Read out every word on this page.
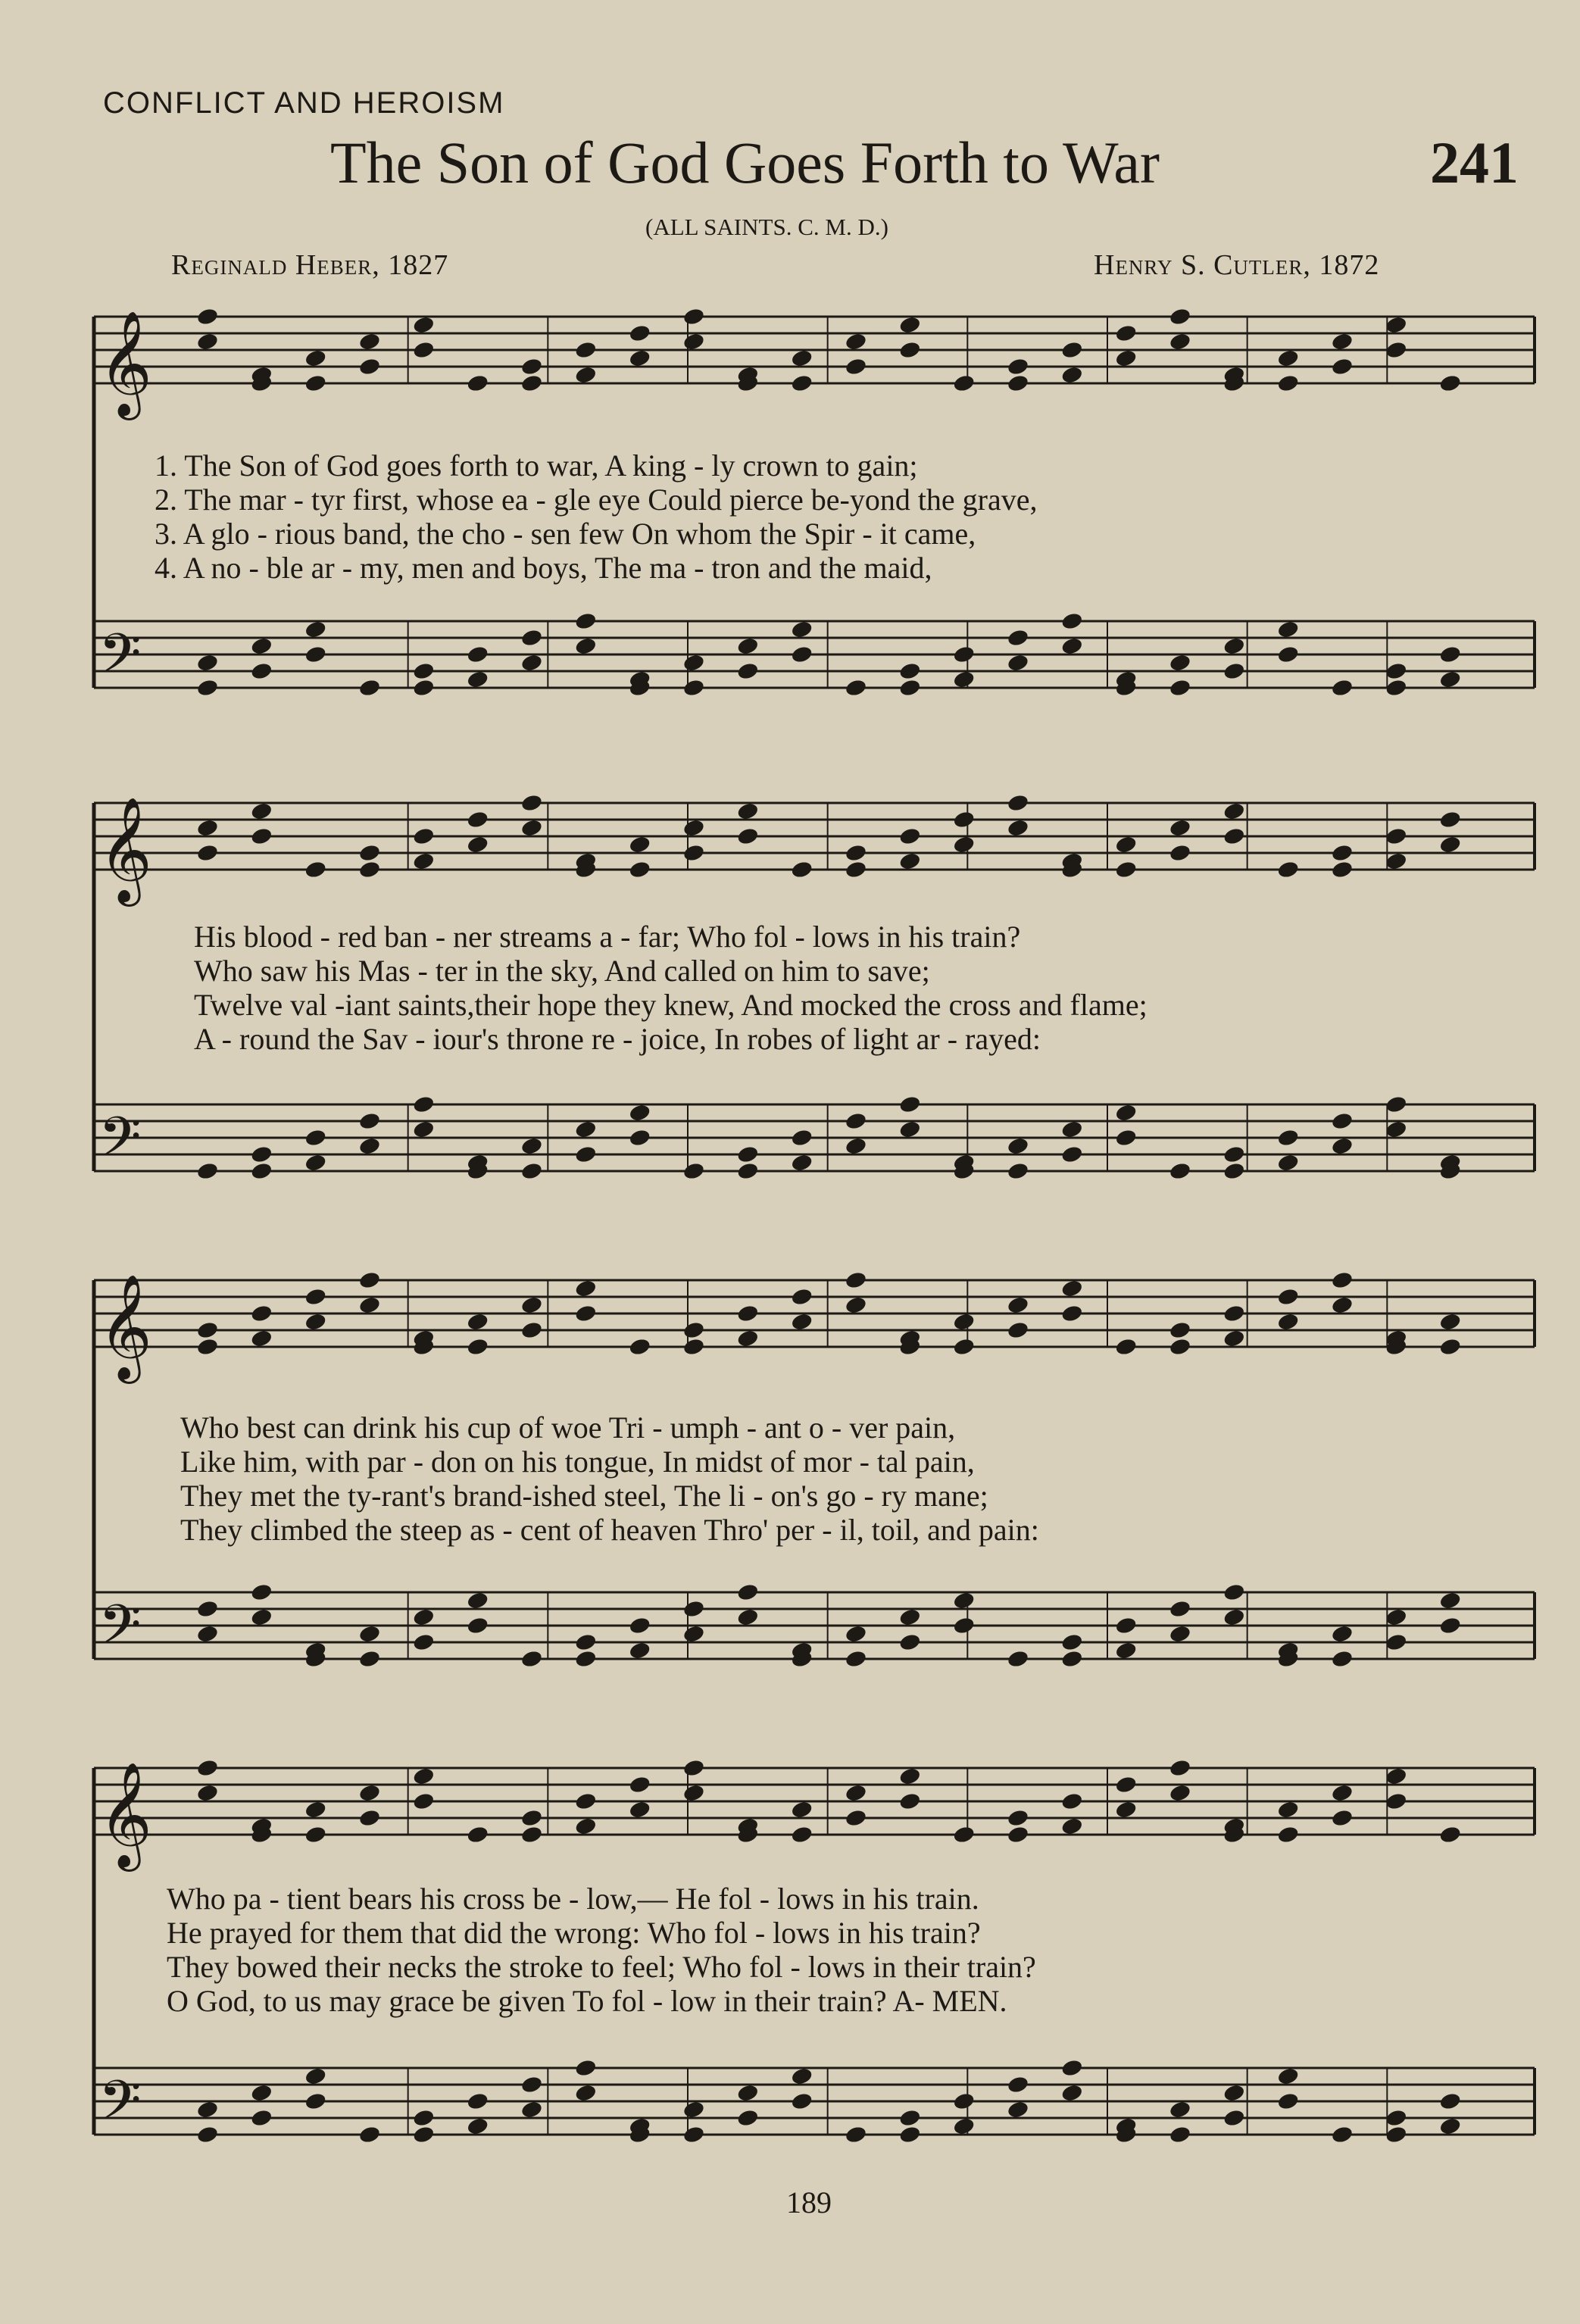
CONFLICT AND HEROISM
The Son of God Goes Forth to War	241
(ALL SAINTS. C. M. D.)
Reginald Heber, 1827	Henry S. Cutler, 1872
𝄞
𝄢
𝄞
𝄢
𝄞
𝄢
𝄞
𝄢
1. The Son of God goes forth to war, A king - ly crown to gain;
2. The mar - tyr first, whose ea - gle eye Could pierce be-yond the grave,
3. A glo - rious band, the cho - sen few On whom the Spir - it came,
4. A no - ble ar - my, men and boys, The ma - tron and the maid,
His blood - red ban - ner streams a - far; Who fol - lows in his train?
Who saw his Mas - ter in the sky, And called on him to save;
Twelve val -iant saints,their hope they knew, And mocked the cross and flame;
A - round the Sav - iour's throne re - joice, In robes of light ar - rayed:
Who best can drink his cup of woe Tri - umph - ant o - ver pain,
Like him, with par - don on his tongue, In midst of mor - tal pain,
They met the ty-rant's brand-ished steel, The li - on's go - ry mane;
They climbed the steep as - cent of heaven Thro' per - il, toil, and pain:
Who pa - tient bears his cross be - low,— He fol - lows in his train.
He prayed for them that did the wrong: Who fol - lows in his train?
They bowed their necks the stroke to feel; Who fol - lows in their train?
O God, to us may grace be given To fol - low in their train? A- MEN.
189
